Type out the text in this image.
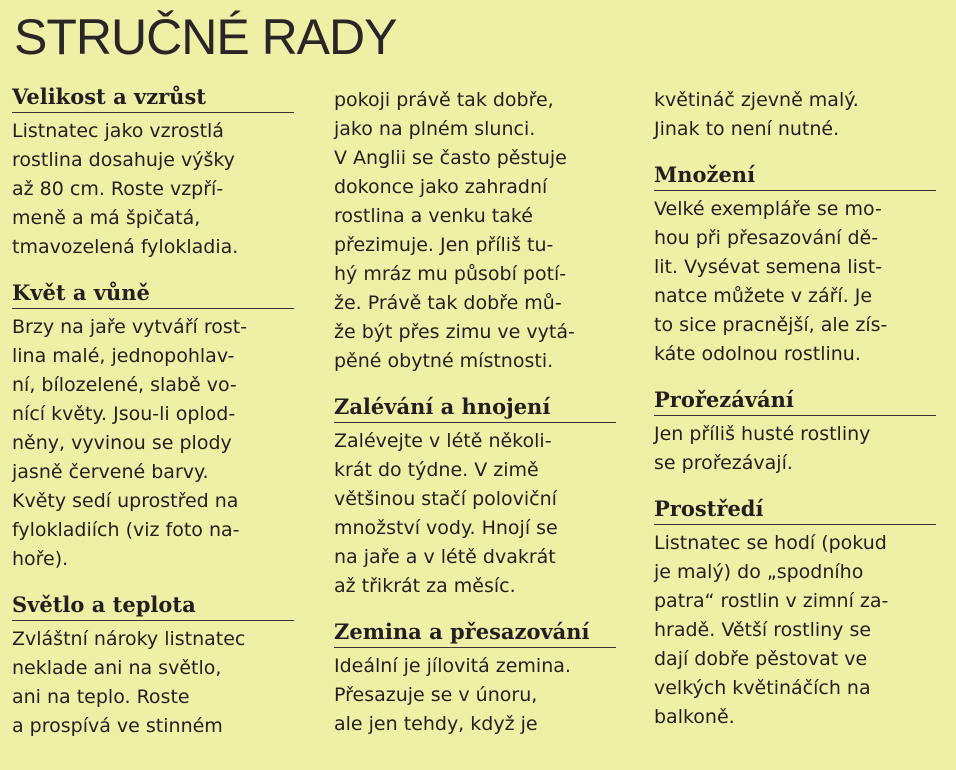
STRUČNÉ RADY
Velikost a vzrůst
Listnatec jako vzrostlá
rostlina dosahuje výšky
až 80 cm. Roste vzpří-
meně a má špičatá,
tmavozelená fylokladia.
Květ a vůně
Brzy na jaře vytváří rost-
lina malé, jednopohlav-
ní, bílozelené, slabě vo-
nící květy. Jsou-li oplod-
něny, vyvinou se plody
jasně červené barvy.
Květy sedí uprostřed na
fylokladiích (viz foto na-
hoře).
Světlo a teplota
Zvláštní nároky listnatec
neklade ani na světlo,
ani na teplo. Roste
a prospívá ve stinném
pokoji právě tak dobře,
jako na plném slunci.
V Anglii se často pěstuje
dokonce jako zahradní
rostlina a venku také
přezimuje. Jen příliš tu-
hý mráz mu působí potí-
že. Právě tak dobře mů-
že být přes zimu ve vytá-
pěné obytné místnosti.
Zalévání a hnojení
Zalévejte v létě několi-
krát do týdne. V zimě
většinou stačí poloviční
množství vody. Hnojí se
na jaře a v létě dvakrát
až třikrát za měsíc.
Zemina a přesazování
Ideální je jílovitá zemina.
Přesazuje se v únoru,
ale jen tehdy, když je
květináč zjevně malý.
Jinak to není nutné.
Množení
Velké exempláře se mo-
hou při přesazování dě-
lit. Vysévat semena list-
natce můžete v září. Je
to sice pracnější, ale zís-
káte odolnou rostlinu.
Prořezávání
Jen příliš husté rostliny
se prořezávají.
Prostředí
Listnatec se hodí (pokud
je malý) do „spodního
patra“ rostlin v zimní za-
hradě. Větší rostliny se
dají dobře pěstovat ve
velkých květináčích na
balkoně.
